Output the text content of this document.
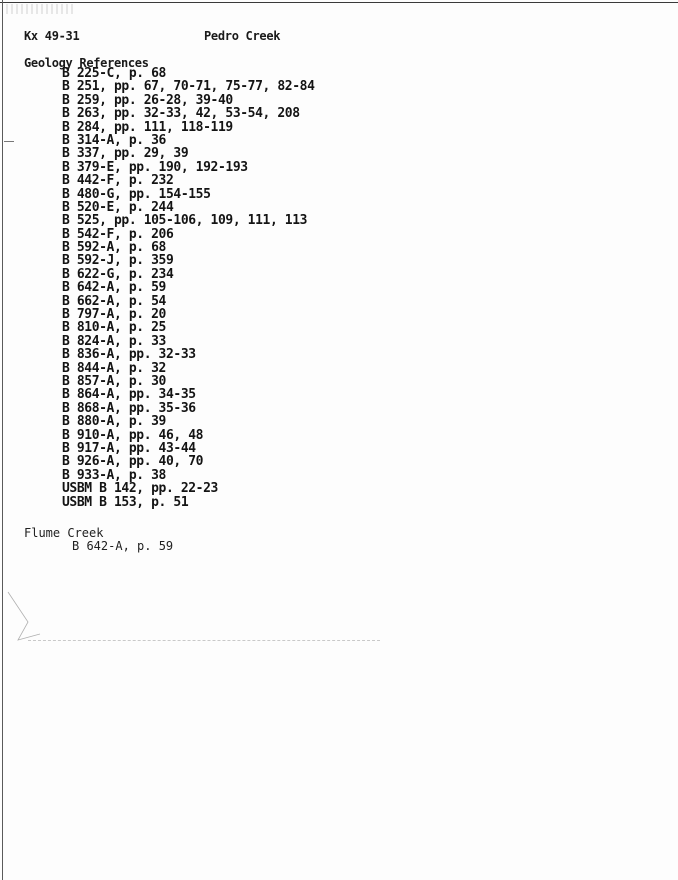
Kx 49-31	Pedro Creek
Geology References
B 225-C, p. 68
B 251, pp. 67, 70-71, 75-77, 82-84
B 259, pp. 26-28, 39-40
B 263, pp. 32-33, 42, 53-54, 208
B 284, pp. 111, 118-119
B 314-A, p. 36
B 337, pp. 29, 39
B 379-E, pp. 190, 192-193
B 442-F, p. 232
B 480-G, pp. 154-155
B 520-E, p. 244
B 525, pp. 105-106, 109, 111, 113
B 542-F, p. 206
B 592-A, p. 68
B 592-J, p. 359
B 622-G, p. 234
B 642-A, p. 59
B 662-A, p. 54
B 797-A, p. 20
B 810-A, p. 25
B 824-A, p. 33
B 836-A, pp. 32-33
B 844-A, p. 32
B 857-A, p. 30
B 864-A, pp. 34-35
B 868-A, pp. 35-36
B 880-A, p. 39
B 910-A, pp. 46, 48
B 917-A, pp. 43-44
B 926-A, pp. 40, 70
B 933-A, p. 38
USBM B 142, pp. 22-23
USBM B 153, p. 51
Flume Creek
B 642-A, p. 59
